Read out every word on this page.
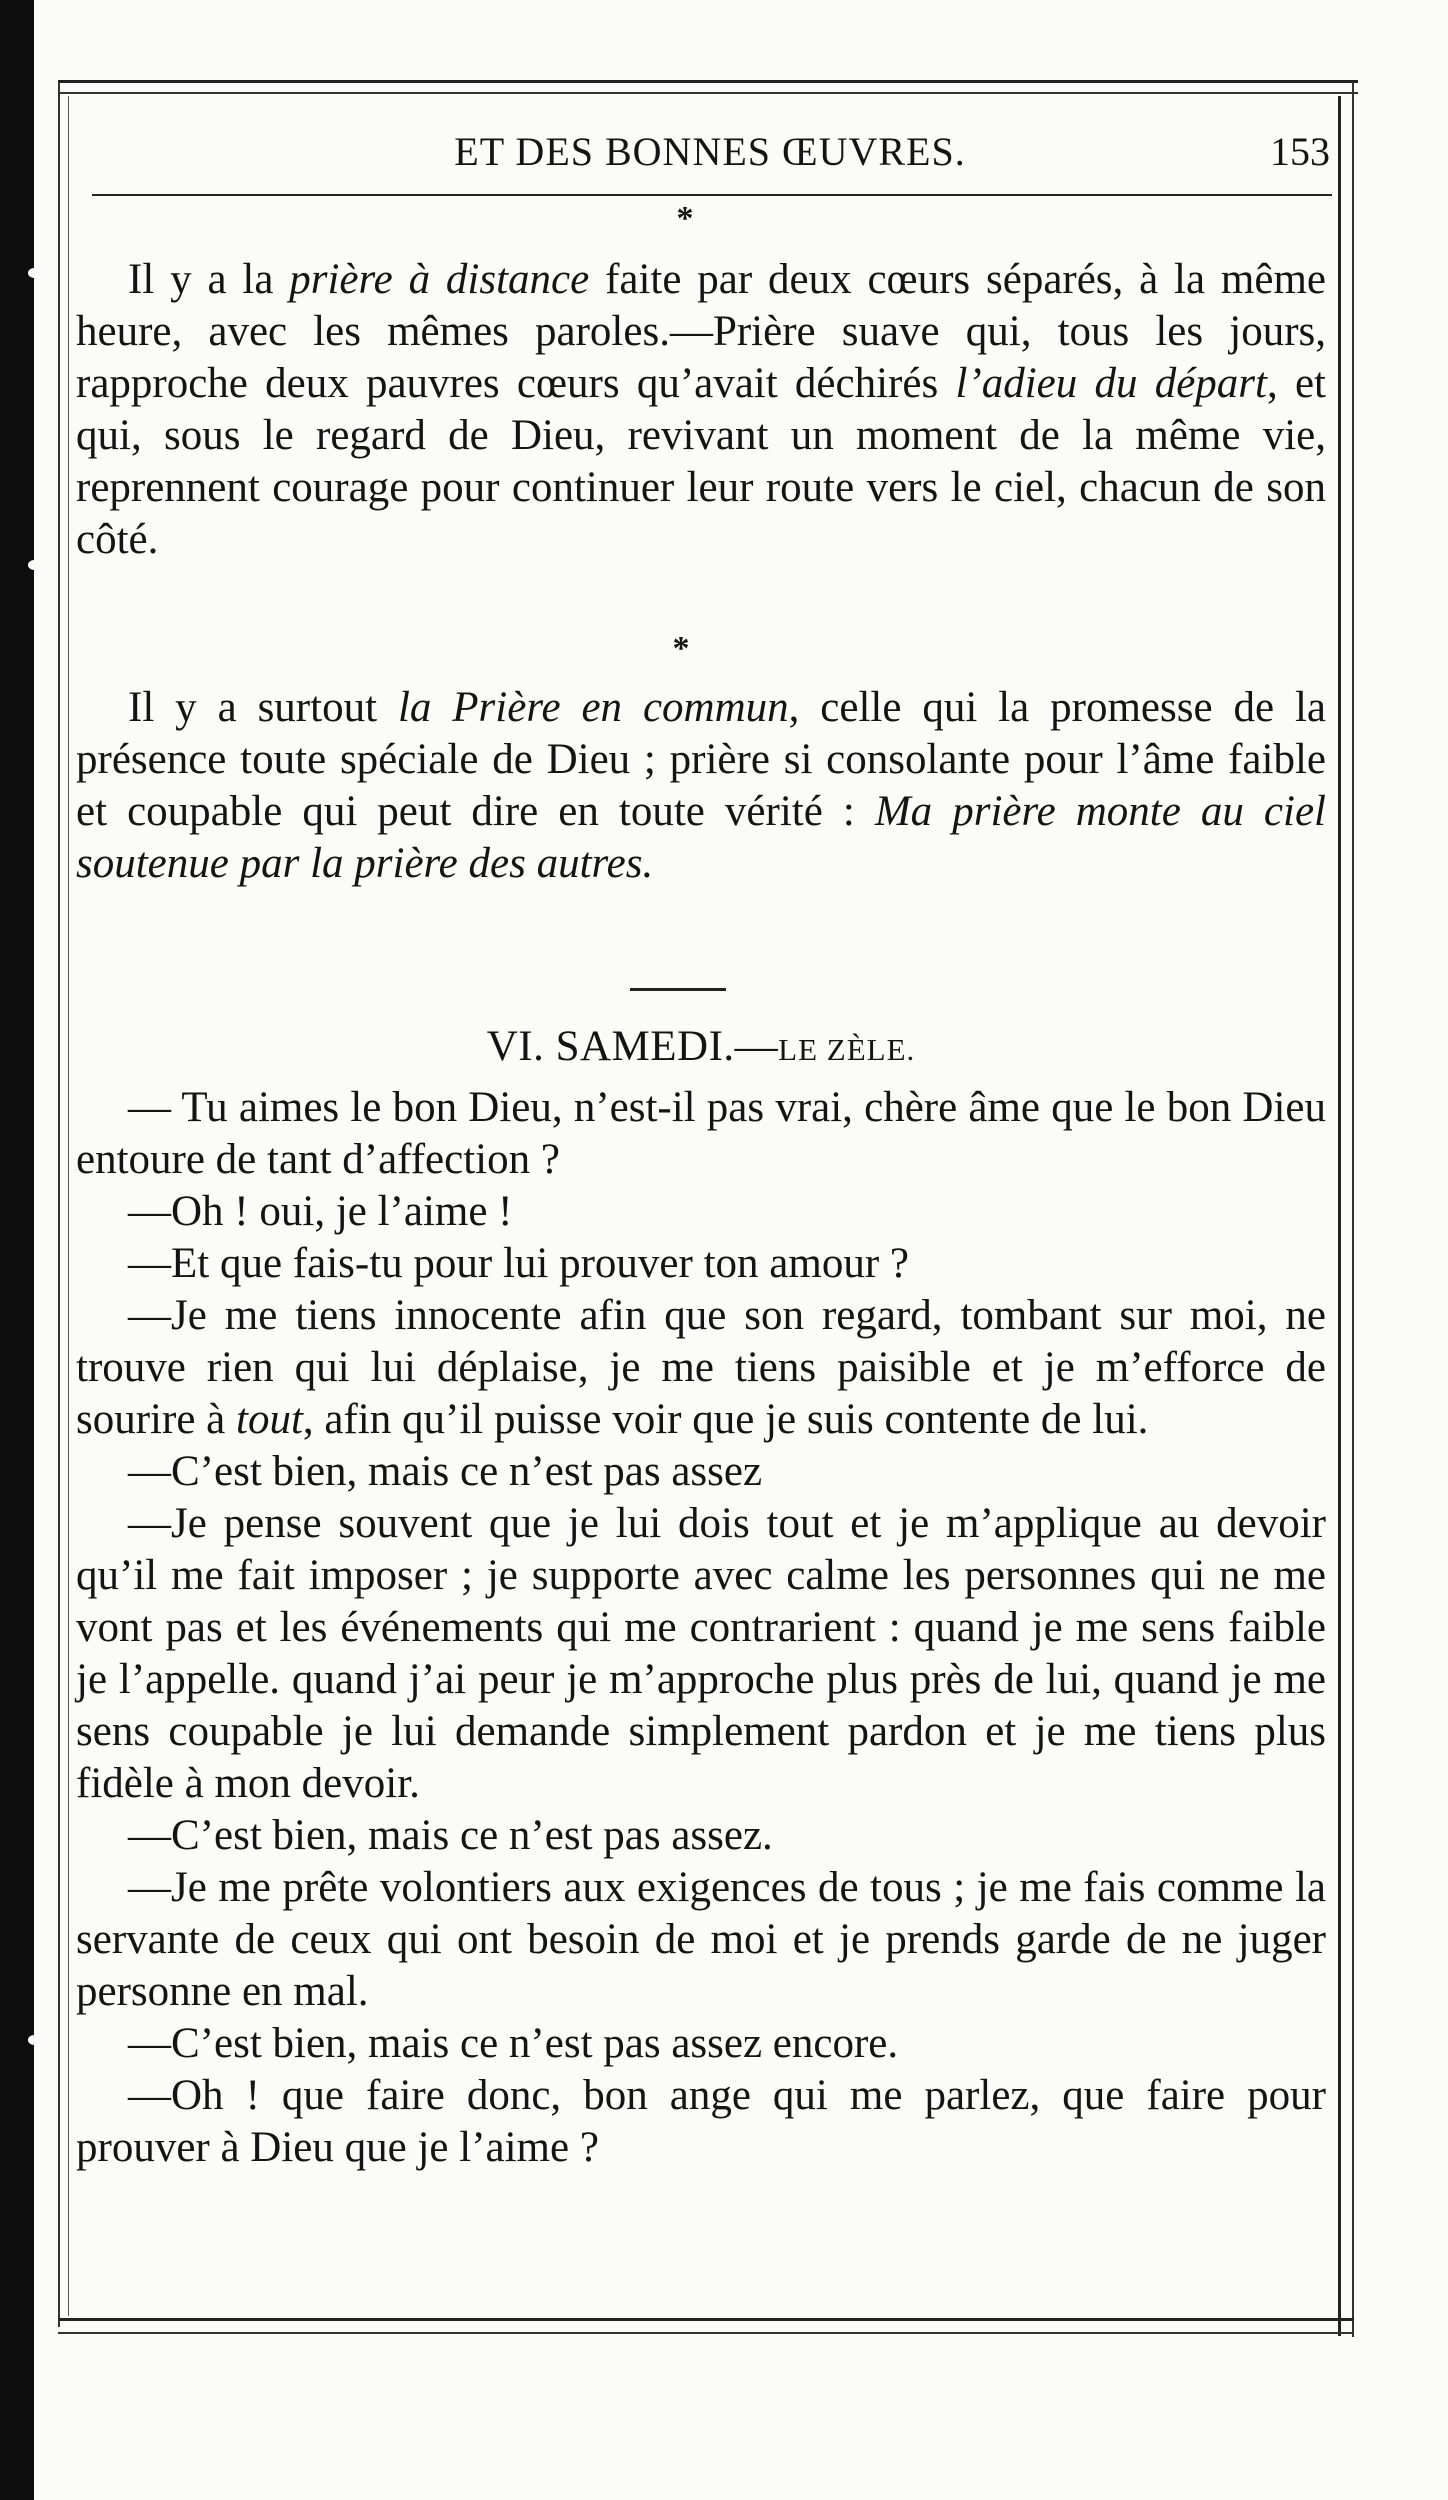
ET DES BONNES ŒUVRES.	153
*

Il y a la prière à distance faite par deux cœurs séparés, à la même heure, avec les mêmes paroles.—Prière suave qui, tous les jours, rapproche deux pauvres cœurs qu’avait déchirés l’adieu du départ, et qui, sous le regard de Dieu, revivant un moment de la même vie, reprennent courage pour continuer leur route vers le ciel, chacun de son côté.

*

Il y a surtout la Prière en commun, celle qui la promesse de la présence toute spéciale de Dieu ; prière si consolante pour l’âme faible et coupable qui peut dire en toute vérité : Ma prière monte au ciel soutenue par la prière des autres.

VI. SAMEDI.—LE ZÈLE.

— Tu aimes le bon Dieu, n’est-il pas vrai, chère âme que le bon Dieu entoure de tant d’affection ?

—Oh ! oui, je l’aime !

—Et que fais-tu pour lui prouver ton amour ?

—Je me tiens innocente afin que son regard, tombant sur moi, ne trouve rien qui lui déplaise, je me tiens paisible et je m’efforce de sourire à tout, afin qu’il puisse voir que je suis contente de lui.

—C’est bien, mais ce n’est pas assez

—Je pense souvent que je lui dois tout et je m’applique au devoir qu’il me fait imposer ; je supporte avec calme les personnes qui ne me vont pas et les événements qui me contrarient : quand je me sens faible je l’appelle. quand j’ai peur je m’approche plus près de lui, quand je me sens coupable je lui demande simplement pardon et je me tiens plus fidèle à mon devoir.

—C’est bien, mais ce n’est pas assez.

—Je me prête volontiers aux exigences de tous ; je me fais comme la servante de ceux qui ont besoin de moi et je prends garde de ne juger personne en mal.

—C’est bien, mais ce n’est pas assez encore.

—Oh ! que faire donc, bon ange qui me parlez, que faire pour prouver à Dieu que je l’aime ?
